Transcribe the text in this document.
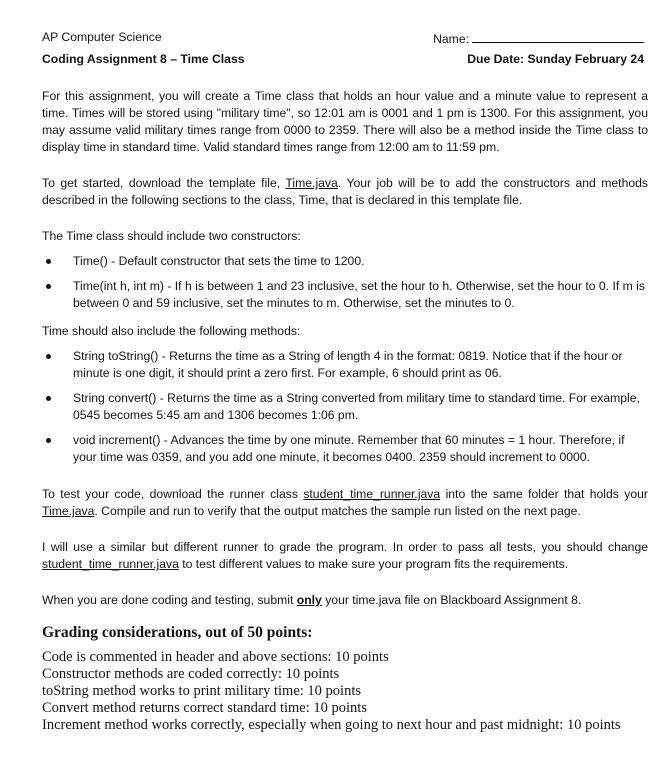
AP Computer Science	Name:
Coding Assignment 8 – Time Class	Due Date: Sunday February 24

For this assignment, you will create a Time class that holds an hour value and a minute value to represent a time. Times will be stored using "military time", so 12:01 am is 0001 and 1 pm is 1300. For this assignment, you may assume valid military times range from 0000 to 2359. There will also be a method inside the Time class to display time in standard time. Valid standard times range from 12:00 am to 11:59 pm.

To get started, download the template file, Time.java. Your job will be to add the constructors and methods described in the following sections to the class, Time, that is declared in this template file.

The Time class should include two constructors:

Time() - Default constructor that sets the time to 1200.
Time(int h, int m) - If h is between 1 and 23 inclusive, set the hour to h. Otherwise, set the hour to 0. If m is between 0 and 59 inclusive, set the minutes to m. Otherwise, set the minutes to 0.

Time should also include the following methods:

String toString() - Returns the time as a String of length 4 in the format: 0819. Notice that if the hour or minute is one digit, it should print a zero first. For example, 6 should print as 06.
String convert() - Returns the time as a String converted from military time to standard time. For example, 0545 becomes 5:45 am and 1306 becomes 1:06 pm.
void increment() - Advances the time by one minute. Remember that 60 minutes = 1 hour. Therefore, if your time was 0359, and you add one minute, it becomes 0400. 2359 should increment to 0000.

To test your code, download the runner class student_time_runner.java into the same folder that holds your Time.java. Compile and run to verify that the output matches the sample run listed on the next page.

I will use a similar but different runner to grade the program. In order to pass all tests, you should change student_time_runner.java to test different values to make sure your program fits the requirements.

When you are done coding and testing, submit only your time.java file on Blackboard Assignment 8.

Grading considerations, out of 50 points:
Code is commented in header and above sections: 10 points
Constructor methods are coded correctly: 10 points
toString method works to print military time: 10 points
Convert method returns correct standard time: 10 points
Increment method works correctly, especially when going to next hour and past midnight: 10 points
